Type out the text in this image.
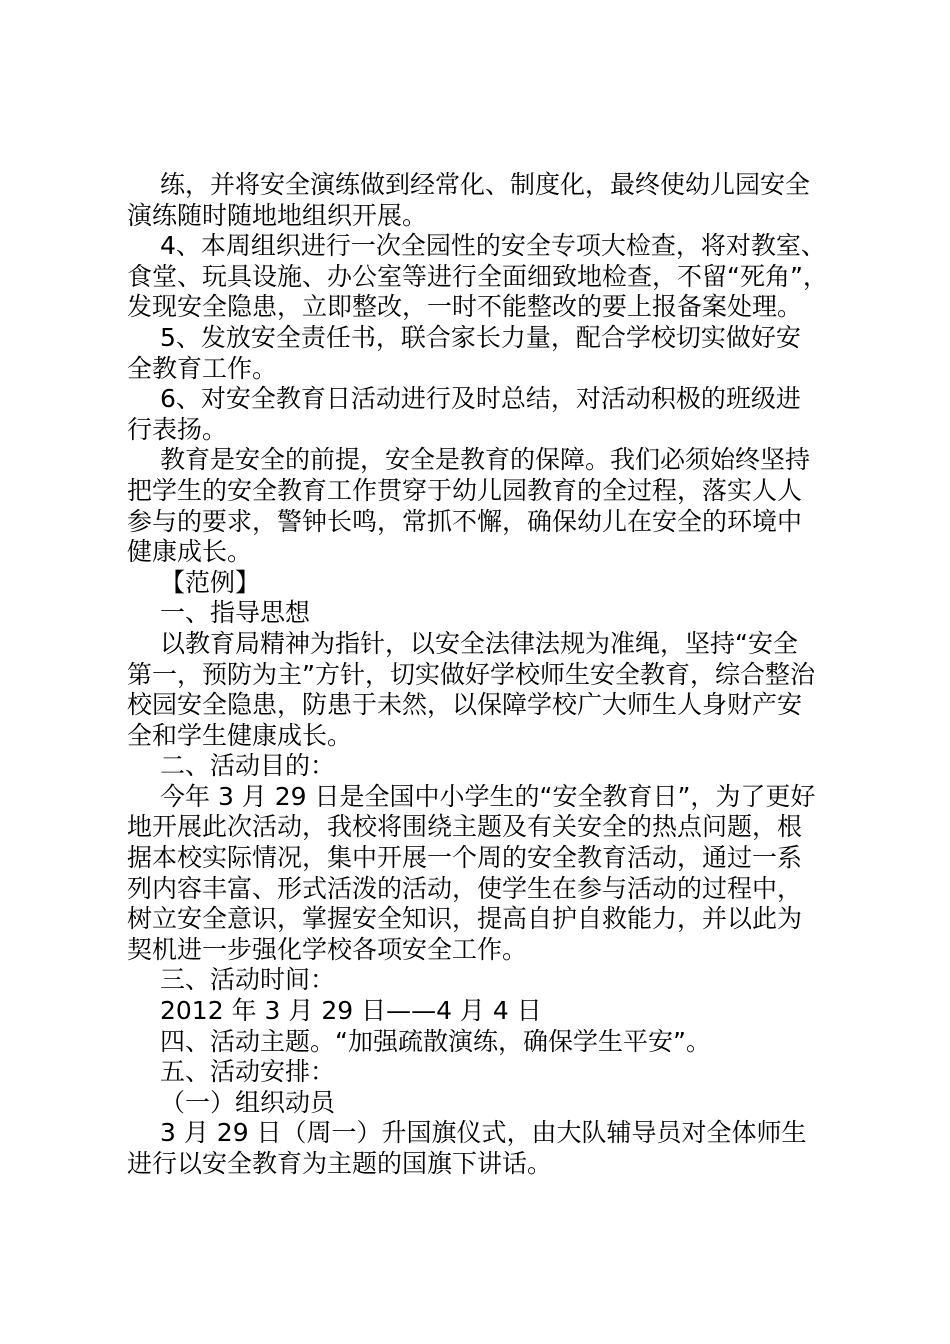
练，并将安全演练做到经常化、制度化，最终使幼儿园安全
演练随时随地地组织开展。
4、本周组织进行一次全园性的安全专项大检查，将对教室、
食堂、玩具设施、办公室等进行全面细致地检查，不留“死角”，
发现安全隐患，立即整改，一时不能整改的要上报备案处理。
5、发放安全责任书，联合家长力量，配合学校切实做好安
全教育工作。
6、对安全教育日活动进行及时总结，对活动积极的班级进
行表扬。
教育是安全的前提，安全是教育的保障。我们必须始终坚持
把学生的安全教育工作贯穿于幼儿园教育的全过程，落实人人
参与的要求，警钟长鸣，常抓不懈，确保幼儿在安全的环境中
健康成长。
【范例】
一、指导思想
以教育局精神为指针，以安全法律法规为准绳，坚持“安全
第一，预防为主”方针，切实做好学校师生安全教育，综合整治
校园安全隐患，防患于未然，以保障学校广大师生人身财产安
全和学生健康成长。
二、活动目的：
今年 3 月 29 日是全国中小学生的“安全教育日”，为了更好
地开展此次活动，我校将围绕主题及有关安全的热点问题，根
据本校实际情况，集中开展一个周的安全教育活动，通过一系
列内容丰富、形式活泼的活动，使学生在参与活动的过程中，
树立安全意识，掌握安全知识，提高自护自救能力，并以此为
契机进一步强化学校各项安全工作。
三、活动时间：
2012 年 3 月 29 日——4 月 4 日
四、活动主题。“加强疏散演练，确保学生平安”。
五、活动安排：
（一）组织动员
3 月 29 日（周一）升国旗仪式，由大队辅导员对全体师生
进行以安全教育为主题的国旗下讲话。
